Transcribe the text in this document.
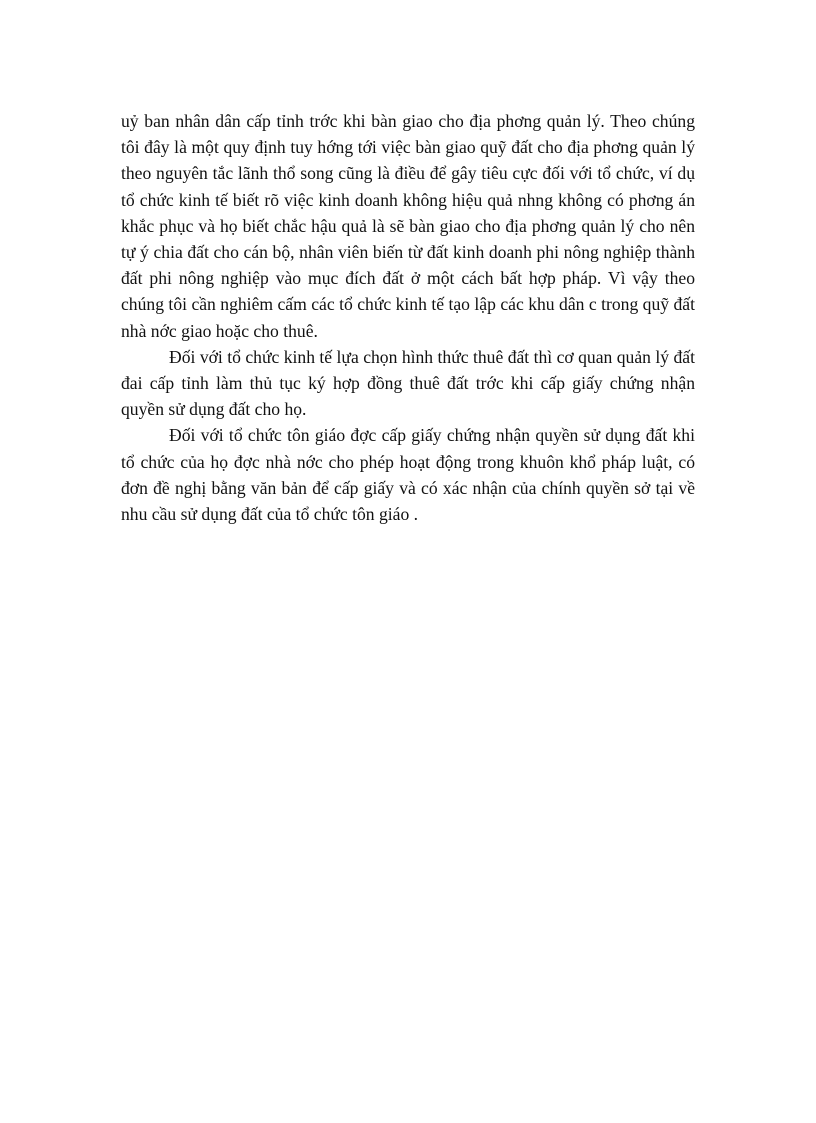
uỷ ban nhân dân cấp tỉnh trớc khi bàn giao cho địa phơng quản lý. Theo chúng tôi đây là một quy định tuy hớng tới việc bàn giao quỹ đất cho địa phơng quản lý theo nguyên tắc lãnh thổ song cũng là điều để gây tiêu cực đối với tổ chức, ví dụ tổ chức kinh tế biết rõ việc kinh doanh không hiệu quả nhng không có phơng án khắc phục và họ biết chắc hậu quả là sẽ bàn giao cho địa phơng quản lý cho nên tự ý chia đất cho cán bộ, nhân viên biến từ đất kinh doanh phi nông nghiệp thành đất phi nông nghiệp vào mục đích đất ở một cách bất hợp pháp. Vì vậy theo chúng tôi cần nghiêm cấm các tổ chức kinh tế tạo lập các khu dân c trong quỹ đất nhà nớc giao hoặc cho thuê.

Đối với tổ chức kinh tế lựa chọn hình thức thuê đất thì cơ quan quản lý đất đai cấp tỉnh làm thủ tục ký hợp đồng thuê đất trớc khi cấp giấy chứng nhận quyền sử dụng đất cho họ.

Đối với tổ chức tôn giáo đợc cấp giấy chứng nhận quyền sử dụng đất khi tổ chức của họ đợc nhà nớc cho phép hoạt động trong khuôn khổ pháp luật, có đơn đề nghị bằng văn bản để cấp giấy và có xác nhận của chính quyền sở tại về nhu cầu sử dụng đất của tổ chức tôn giáo .
